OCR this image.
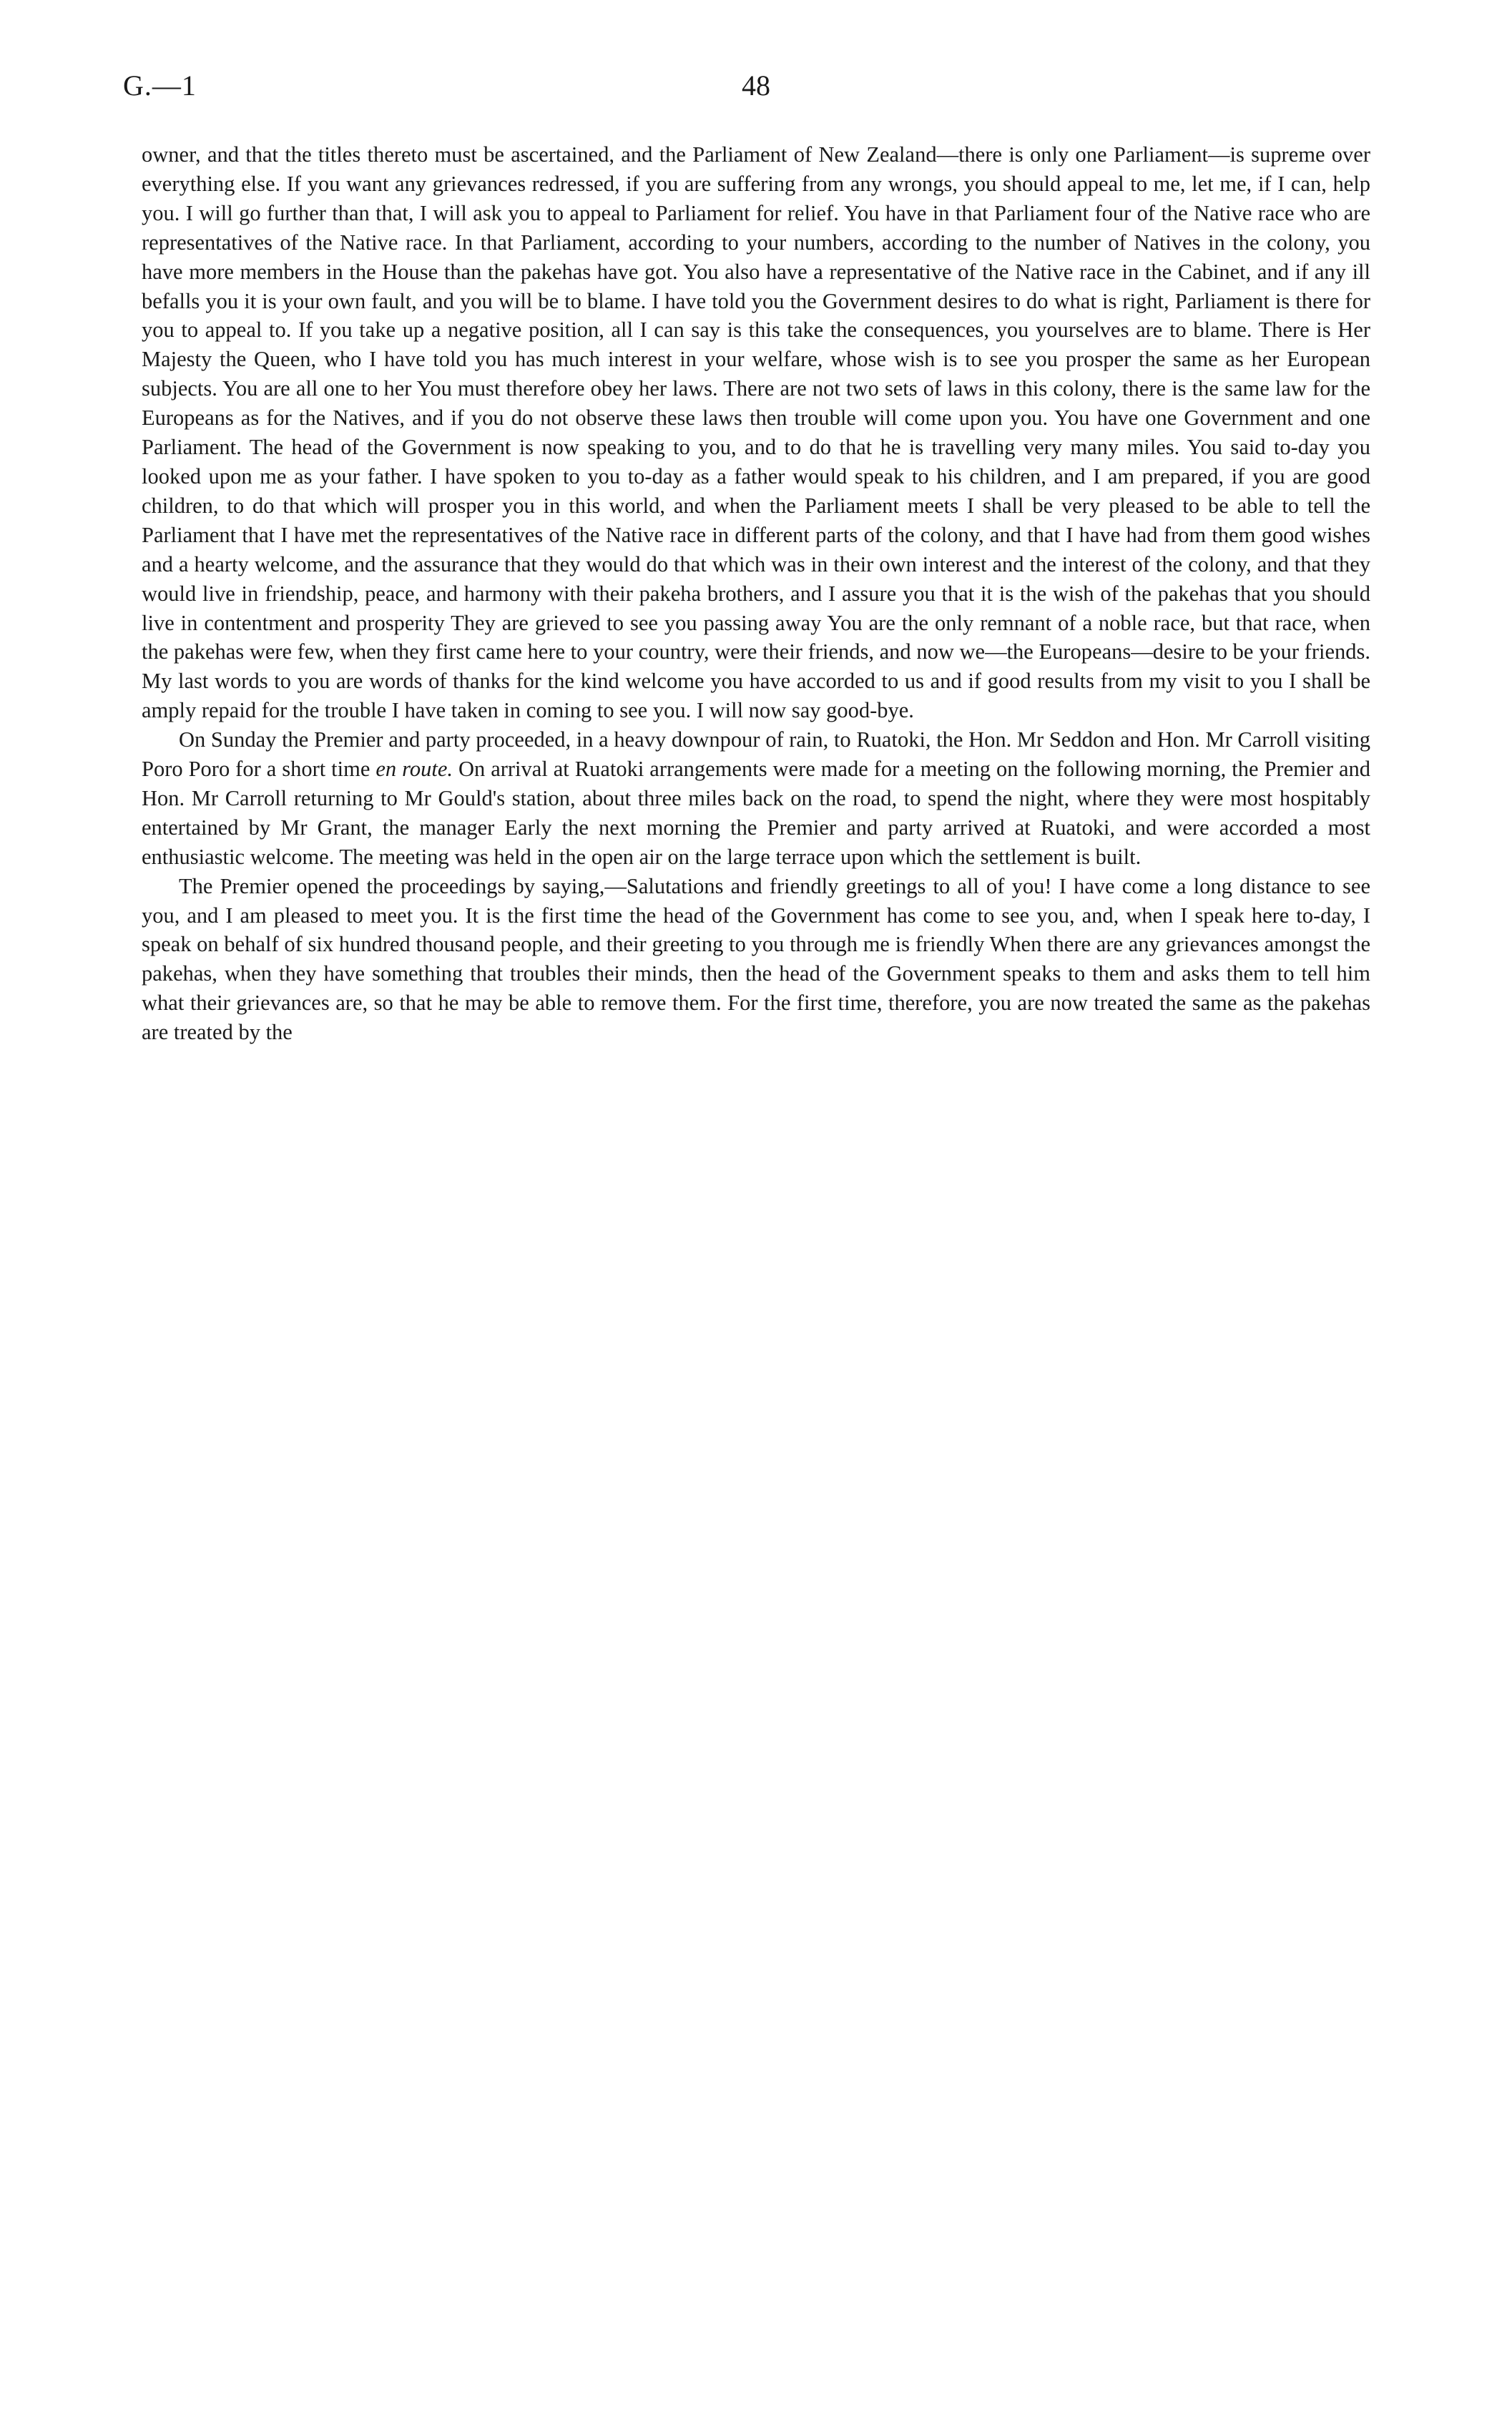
G.—1	48

owner, and that the titles thereto must be ascertained, and the Parliament of New Zealand—there is only one Parliament—is supreme over everything else. If you want any grievances redressed, if you are suffering from any wrongs, you should appeal to me, let me, if I can, help you. I will go further than that, I will ask you to appeal to Parliament for relief. You have in that Parliament four of the Native race who are representatives of the Native race. In that Parliament, according to your numbers, according to the number of Natives in the colony, you have more members in the House than the pakehas have got. You also have a representative of the Native race in the Cabinet, and if any ill befalls you it is your own fault, and you will be to blame. I have told you the Government desires to do what is right, Parliament is there for you to appeal to. If you take up a negative position, all I can say is this take the consequences, you yourselves are to blame. There is Her Majesty the Queen, who I have told you has much interest in your welfare, whose wish is to see you prosper the same as her European subjects. You are all one to her You must therefore obey her laws. There are not two sets of laws in this colony, there is the same law for the Europeans as for the Natives, and if you do not observe these laws then trouble will come upon you. You have one Government and one Parliament. The head of the Government is now speaking to you, and to do that he is travelling very many miles. You said to-day you looked upon me as your father. I have spoken to you to-day as a father would speak to his children, and I am prepared, if you are good children, to do that which will prosper you in this world, and when the Parliament meets I shall be very pleased to be able to tell the Parliament that I have met the representatives of the Native race in different parts of the colony, and that I have had from them good wishes and a hearty welcome, and the assurance that they would do that which was in their own interest and the interest of the colony, and that they would live in friendship, peace, and harmony with their pakeha brothers, and I assure you that it is the wish of the pakehas that you should live in contentment and prosperity They are grieved to see you passing away You are the only remnant of a noble race, but that race, when the pakehas were few, when they first came here to your country, were their friends, and now we—the Europeans—desire to be your friends. My last words to you are words of thanks for the kind welcome you have accorded to us and if good results from my visit to you I shall be amply repaid for the trouble I have taken in coming to see you. I will now say good-bye.

On Sunday the Premier and party proceeded, in a heavy downpour of rain, to Ruatoki, the Hon. Mr Seddon and Hon. Mr Carroll visiting Poro Poro for a short time en route. On arrival at Ruatoki arrangements were made for a meeting on the following morning, the Premier and Hon. Mr Carroll returning to Mr Gould's station, about three miles back on the road, to spend the night, where they were most hospitably entertained by Mr Grant, the manager Early the next morning the Premier and party arrived at Ruatoki, and were accorded a most enthusiastic welcome. The meeting was held in the open air on the large terrace upon which the settlement is built.

The Premier opened the proceedings by saying,—Salutations and friendly greetings to all of you! I have come a long distance to see you, and I am pleased to meet you. It is the first time the head of the Government has come to see you, and, when I speak here to-day, I speak on behalf of six hundred thousand people, and their greeting to you through me is friendly When there are any grievances amongst the pakehas, when they have something that troubles their minds, then the head of the Government speaks to them and asks them to tell him what their grievances are, so that he may be able to remove them. For the first time, therefore, you are now treated the same as the pakehas are treated by the
